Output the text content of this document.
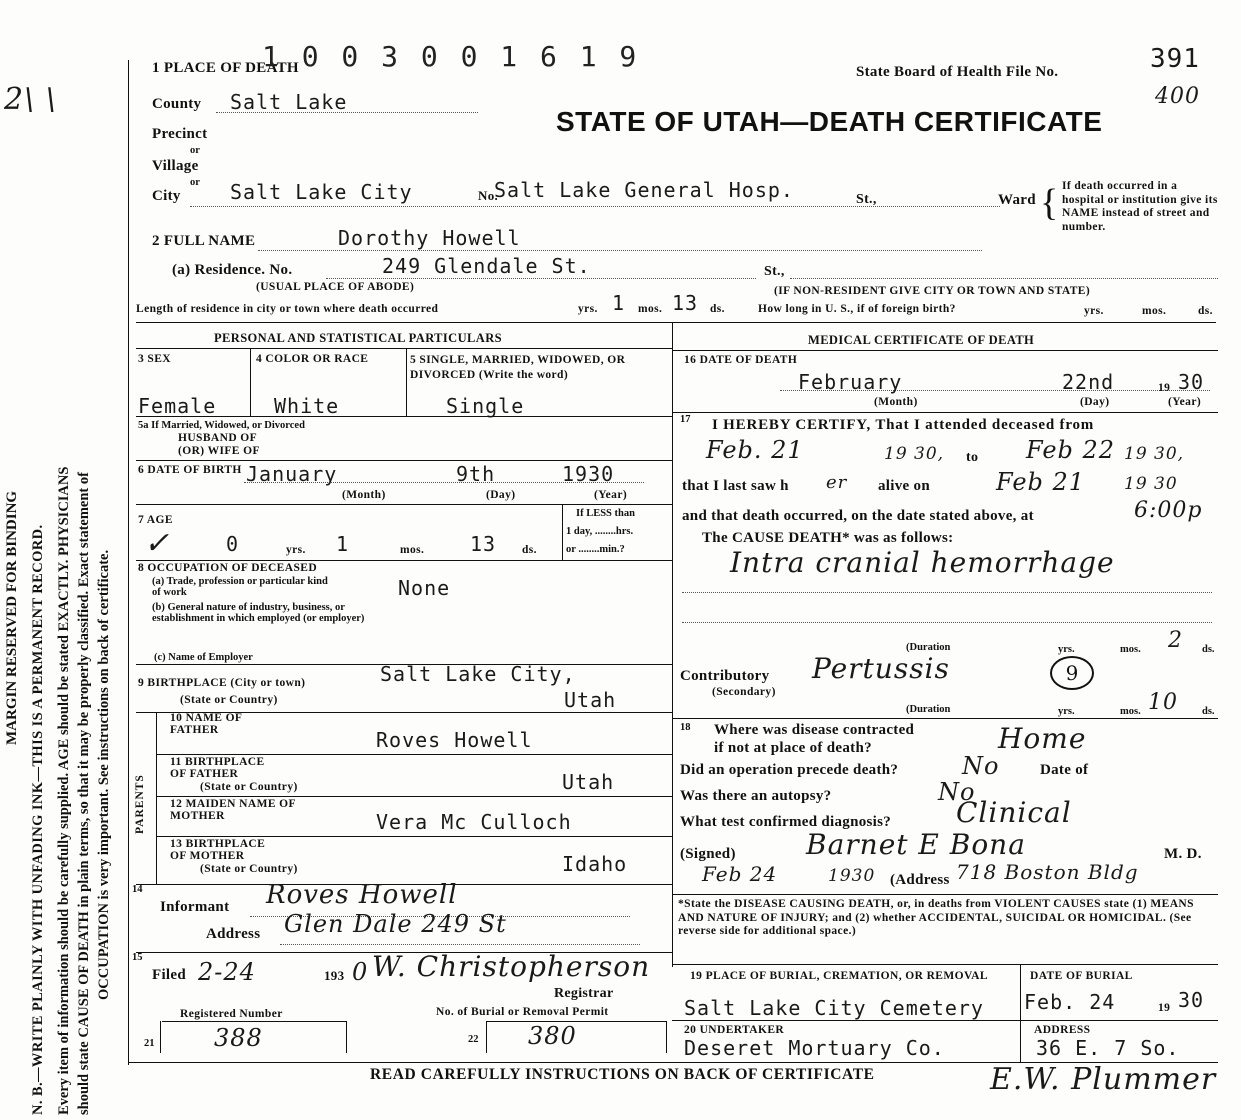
MARGIN RESERVED FOR BINDING N. B.—WRITE PLAINLY WITH UNFADING INK—THIS IS A PERMANENT RECORD. Every item of information should be carefully supplied. AGE should be stated EXACTLY. PHYSICIANS should state CAUSE OF DEATH in plain terms, so that it may be properly classified. Exact statement of OCCUPATION is very important. See instructions on back of certificate.
2\ \
1 PLACE OF DEATH
1 0 0 3 0 0 1 6 1 9	State Board of Health File No.	391
400
STATE OF UTAH—DEATH CERTIFICATE
County Salt Lake
Precinct
or
Village
or
City Salt Lake City	No.
Salt Lake General Hosp.	St.,	Ward { If death occurred in a hospital or institution give its NAME instead of street and number.
2 FULL NAME	Dorothy Howell
(a) Residence. No.	249 Glendale St.	St.,
(USUAL PLACE OF ABODE)	(IF NON-RESIDENT GIVE CITY OR TOWN AND STATE)
Length of residence in city or town where death occurred	yrs. 1 mos. 13 ds.	How long in U. S., if of foreign birth?	yrs.	mos.	ds.
PERSONAL AND STATISTICAL PARTICULARS
3 SEX	4 COLOR OR RACE	5 SINGLE, MARRIED, WIDOWED, OR DIVORCED (Write the word)
Female	White	Single
5a If Married, Widowed, or Divorced
HUSBAND OF
(OR) WIFE OF
6 DATE OF BIRTH January	9th	1930
(Month)	(Day)	(Year)
7 AGE
✓	0	yrs. 1	mos. 13 ds.
If LESS than
1 day, ........hrs.
or ........min.?
8 OCCUPATION OF DECEASED
(a) Trade, profession or particular kind of work	None
(b) General nature of industry, business, or establishment in which employed (or employer)
(c) Name of Employer
9 BIRTHPLACE (City or town)	Salt Lake City,
(State or Country)	Utah
PARENTS
10 NAME OF FATHER	Roves Howell
11 BIRTHPLACE OF FATHER
(State or Country)	Utah
12 MAIDEN NAME OF MOTHER	Vera Mc Culloch
13 BIRTHPLACE OF MOTHER
(State or Country)	Idaho
14
Informant Roves Howell
Address Glen Dale 249 St
15
Filed 2-24	193 0 W. Christopherson
Registrar
Registered Number	No. of Burial or Removal Permit
21 388	22 380
MEDICAL CERTIFICATE OF DEATH
16 DATE OF DEATH
February	22nd	19 30
(Month)	(Day)	(Year)
17 I HEREBY CERTIFY, That I attended deceased from
Feb. 21	19 30, to Feb 22 19 30,
that I last saw h er alive on	Feb 21 19 30
and that death occurred, on the date stated above, at	6:00p
The CAUSE DEATH* was as follows:
Intra cranial hemorrhage
(Duration	yrs.	mos. 2 ds.
Contributory
(Secondary)
Pertussis	9
(Duration	yrs.	mos. 10 ds.
18 Where was disease contracted
if not at place of death?	Home
Did an operation precede death?	No	Date of
Was there an autopsy?	No
What test confirmed diagnosis? Clinical
(Signed)	Barnet E Bona	M. D.
Feb 24	1930 (Address 718 Boston Bldg
*State the DISEASE CAUSING DEATH, or, in deaths from VIOLENT CAUSES state (1) MEANS AND NATURE OF INJURY; and (2) whether ACCIDENTAL, SUICIDAL OR HOMICIDAL. (See reverse side for additional space.)
19 PLACE OF BURIAL, CREMATION, OR REMOVAL
Salt Lake City Cemetery
DATE OF BURIAL
Feb. 24	19 30
20 UNDERTAKER
Deseret Mortuary Co.
ADDRESS
36 E. 7 So.
READ CAREFULLY INSTRUCTIONS ON BACK OF CERTIFICATE	E.W. Plummer
